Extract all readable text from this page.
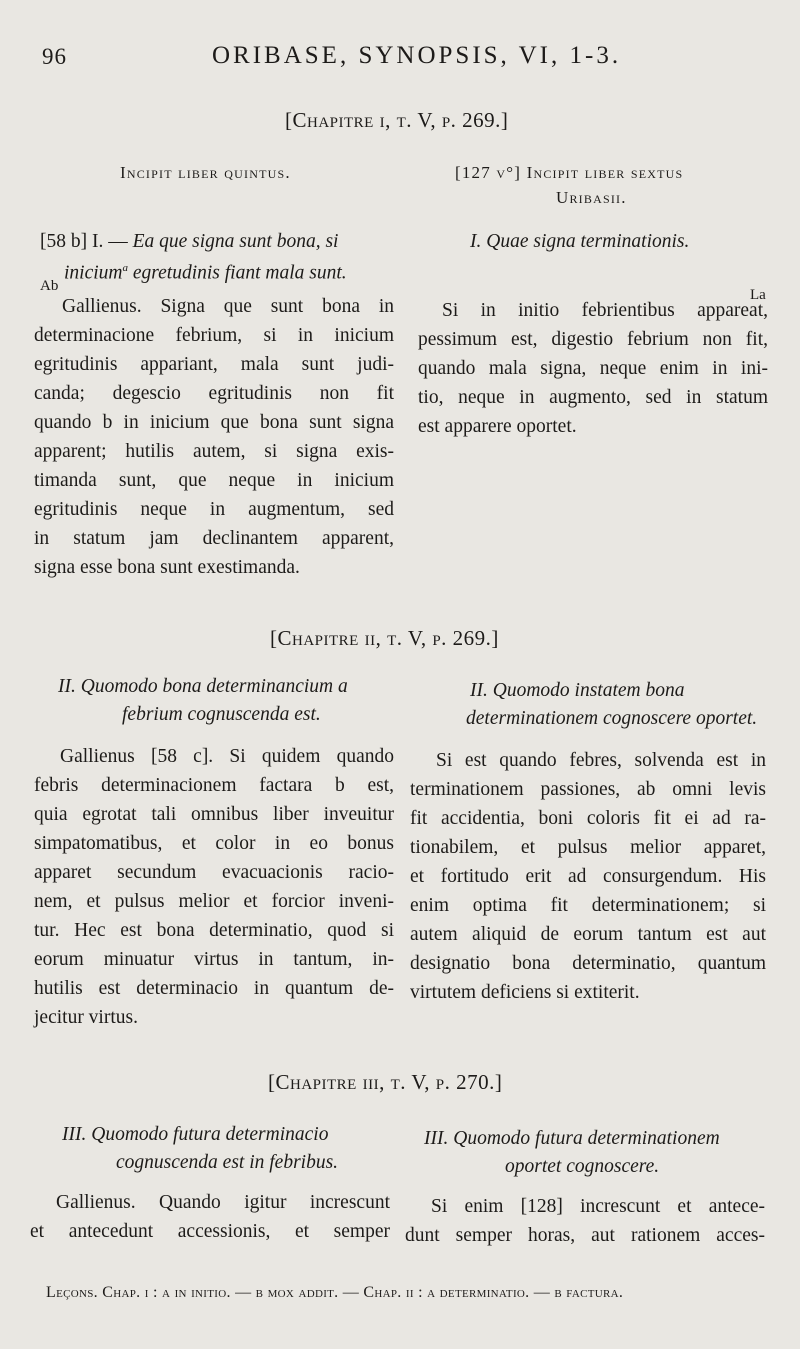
96	ORIBASE, SYNOPSIS, VI, 1-3.
[Chapitre i, t. V, p. 269.]
Incipit liber quintus.	[127 v°] Incipit liber sextus
Uribasii.
[58 b] I. — Ea que signa sunt bona, si
inicium$^a$ egretudinis fiant mala sunt.
Ab
I. Quae signa terminationis.
La
Gallienus. Signa que sunt bona in
determinacione febrium, si in inicium
egritudinis appariant, mala sunt judi-
canda; degescio egritudinis non fit
quando b in inicium que bona sunt signa
apparent; hutilis autem, si signa exis-
timanda sunt, que neque in inicium
egritudinis neque in augmentum, sed
in statum jam declinantem apparent,
signa esse bona sunt exestimanda.
Si in initio febrientibus appareat,
pessimum est, digestio febrium non fit,
quando mala signa, neque enim in ini-
tio, neque in augmento, sed in statum
est apparere oportet.
[Chapitre ii, t. V, p. 269.]
II. Quomodo bona determinancium a
febrium cognuscenda est.
II. Quomodo instatem bona
determinationem cognoscere oportet.
Gallienus [58 c]. Si quidem quando
febris determinacionem factara b est,
quia egrotat tali omnibus liber inveuitur
simpatomatibus, et color in eo bonus
apparet secundum evacuacionis racio-
nem, et pulsus melior et forcior inveni-
tur. Hec est bona determinatio, quod si
eorum minuatur virtus in tantum, in-
hutilis est determinacio in quantum de-
jecitur virtus.
Si est quando febres, solvenda est in
terminationem passiones, ab omni levis
fit accidentia, boni coloris fit ei ad ra-
tionabilem, et pulsus melior apparet,
et fortitudo erit ad consurgendum. His
enim optima fit determinationem; si
autem aliquid de eorum tantum est aut
designatio bona determinatio, quantum
virtutem deficiens si extiterit.
[Chapitre iii, t. V, p. 270.]
III. Quomodo futura determinacio
cognuscenda est in febribus.
III. Quomodo futura determinationem
oportet cognoscere.
Gallienus. Quando igitur increscunt
et antecedunt accessionis, et semper
Si enim [128] increscunt et antece-
dunt semper horas, aut rationem acces-
Leçons. Chap. i : a in initio. — b mox addit. — Chap. ii : a determinatio. — b factura.
